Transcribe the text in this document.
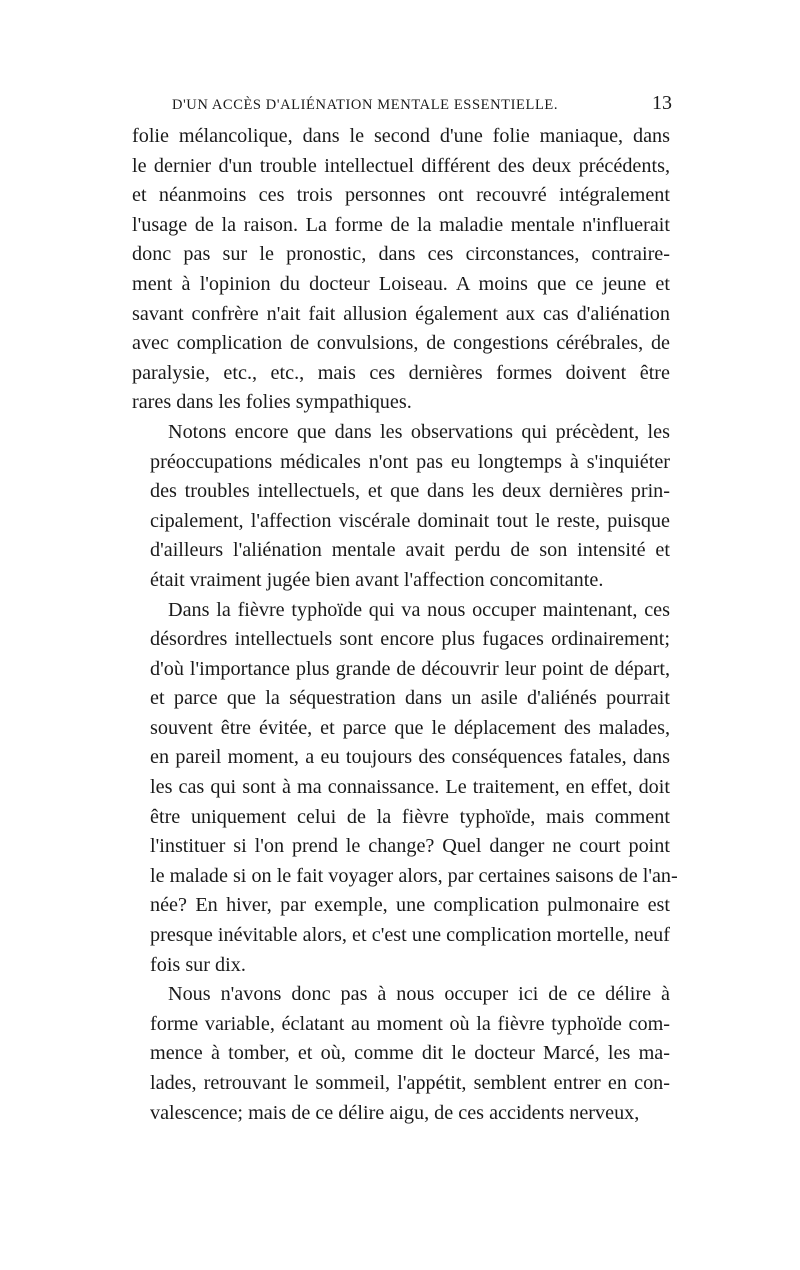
D'UN ACCÈS D'ALIÉNATION MENTALE ESSENTIELLE.	13

folie mélancolique, dans le second d'une folie maniaque, dans
le dernier d'un trouble intellectuel différent des deux précédents,
et néanmoins ces trois personnes ont recouvré intégralement
l'usage de la raison. La forme de la maladie mentale n'influerait
donc pas sur le pronostic, dans ces circonstances, contraire-
ment à l'opinion du docteur Loiseau. A moins que ce jeune et
savant confrère n'ait fait allusion également aux cas d'aliénation
avec complication de convulsions, de congestions cérébrales, de
paralysie, etc., etc., mais ces dernières formes doivent être
rares dans les folies sympathiques.

Notons encore que dans les observations qui précèdent, les
préoccupations médicales n'ont pas eu longtemps à s'inquiéter
des troubles intellectuels, et que dans les deux dernières prin-
cipalement, l'affection viscérale dominait tout le reste, puisque
d'ailleurs l'aliénation mentale avait perdu de son intensité et
était vraiment jugée bien avant l'affection concomitante.

Dans la fièvre typhoïde qui va nous occuper maintenant, ces
désordres intellectuels sont encore plus fugaces ordinairement;
d'où l'importance plus grande de découvrir leur point de départ,
et parce que la séquestration dans un asile d'aliénés pourrait
souvent être évitée, et parce que le déplacement des malades,
en pareil moment, a eu toujours des conséquences fatales, dans
les cas qui sont à ma connaissance. Le traitement, en effet, doit
être uniquement celui de la fièvre typhoïde, mais comment
l'instituer si l'on prend le change? Quel danger ne court point
le malade si on le fait voyager alors, par certaines saisons de l'an-
née? En hiver, par exemple, une complication pulmonaire est
presque inévitable alors, et c'est une complication mortelle, neuf
fois sur dix.

Nous n'avons donc pas à nous occuper ici de ce délire à
forme variable, éclatant au moment où la fièvre typhoïde com-
mence à tomber, et où, comme dit le docteur Marcé, les ma-
lades, retrouvant le sommeil, l'appétit, semblent entrer en con-
valescence; mais de ce délire aigu, de ces accidents nerveux,
